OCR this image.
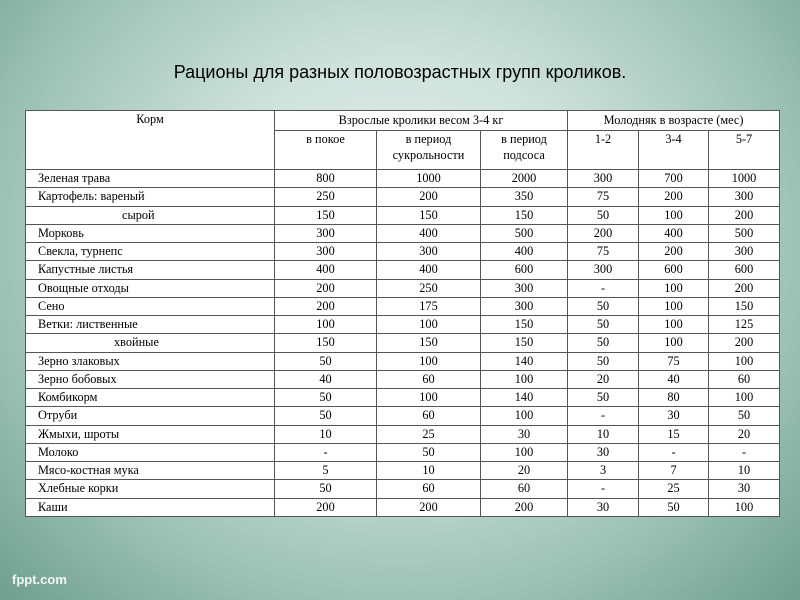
Рационы для разных половозрастных групп кроликов.
Корм	Взрослые кролики весом 3-4 кг			Молодняк в возрасте (мес)		
	в покое	в период сукрольности	в период подсоса	1-2	3-4	5-7
Зеленая трава	800	1000	2000	300	700	1000
Картофель: вареный	250	200	350	75	200	300
сырой	150	150	150	50	100	200
Морковь	300	400	500	200	400	500
Свекла, турнепс	300	300	400	75	200	300
Капустные листья	400	400	600	300	600	600
Овощные отходы	200	250	300	-	100	200
Сено	200	175	300	50	100	150
Ветки: лиственные	100	100	150	50	100	125
хвойные	150	150	150	50	100	200
Зерно злаковых	50	100	140	50	75	100
Зерно бобовых	40	60	100	20	40	60
Комбикорм	50	100	140	50	80	100
Отруби	50	60	100	-	30	50
Жмыхи, шроты	10	25	30	10	15	20
Молоко	-	50	100	30	-	-
Мясо-костная мука	5	10	20	3	7	10
Хлебные корки	50	60	60	-	25	30
Каши	200	200	200	30	50	100
fppt.com
